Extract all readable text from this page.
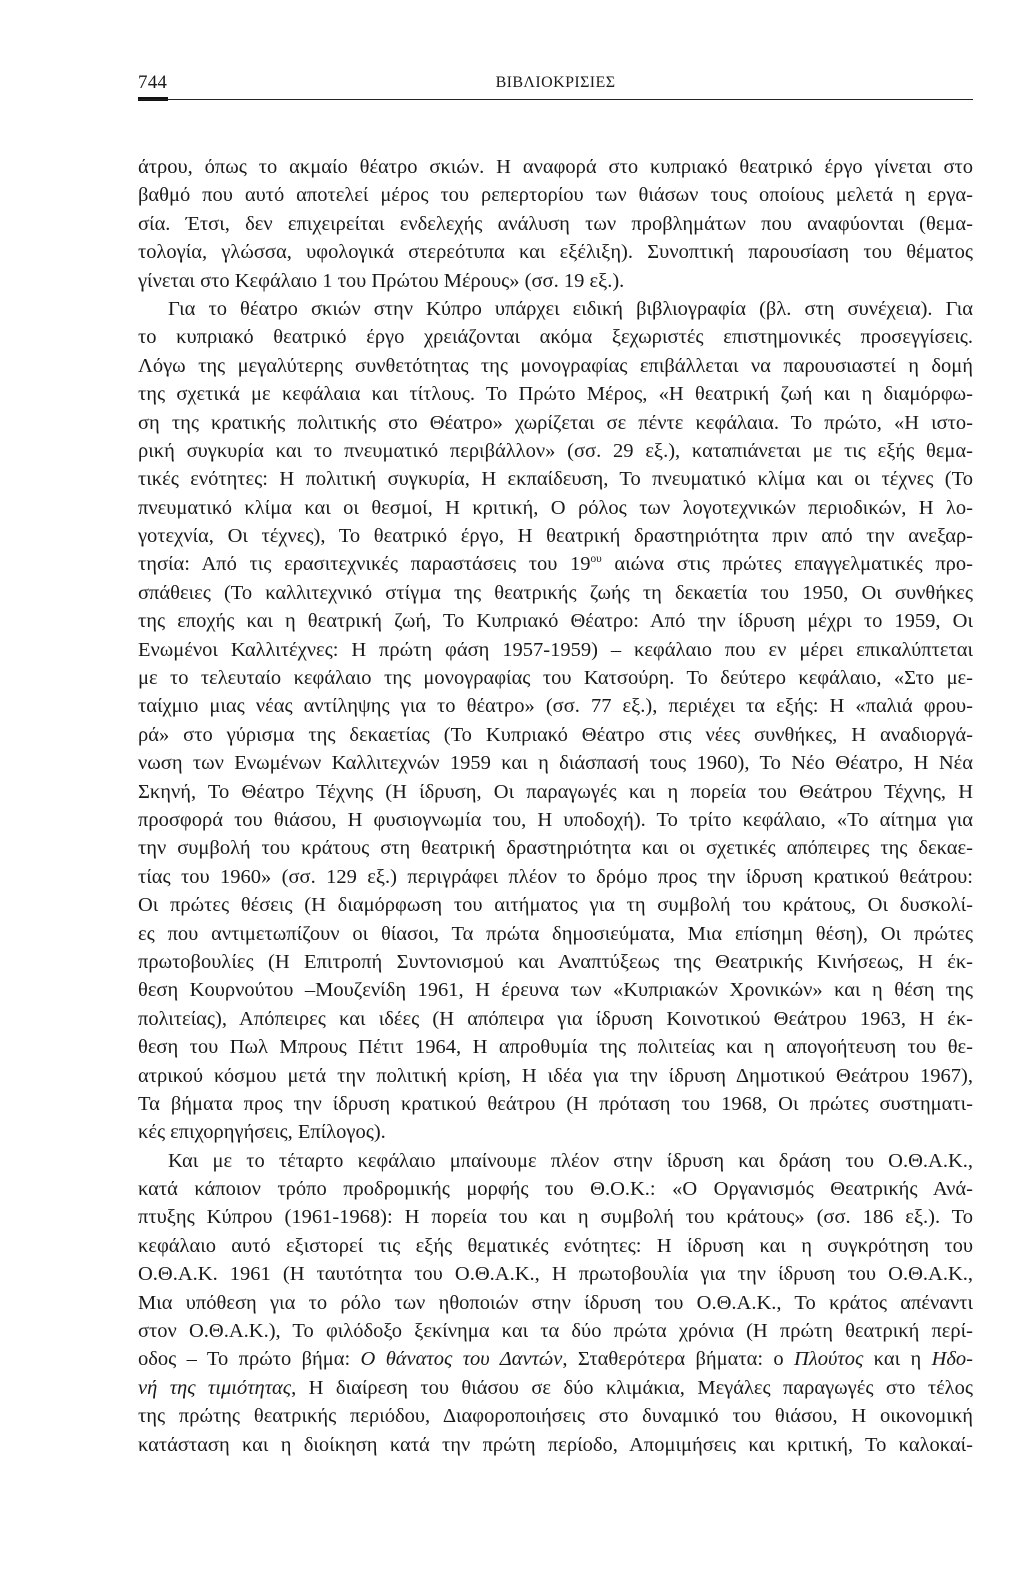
744	ΒΙΒΛΙΟΚΡΙΣΙΕΣ
άτρου, όπως το ακμαίο θέατρο σκιών. Η αναφορά στο κυπριακό θεατρικό έργο γίνεται στο
βαθμό που αυτό αποτελεί μέρος του ρεπερτορίου των θιάσων τους οποίους μελετά η εργα-
σία. Έτσι, δεν επιχειρείται ενδελεχής ανάλυση των προβλημάτων που αναφύονται (θεμα-
τολογία, γλώσσα, υφολογικά στερεότυπα και εξέλιξη). Συνοπτική παρουσίαση του θέματος
γίνεται στο Κεφάλαιο 1 του Πρώτου Μέρους» (σσ. 19 εξ.).
Για το θέατρο σκιών στην Κύπρο υπάρχει ειδική βιβλιογραφία (βλ. στη συνέχεια). Για
το κυπριακό θεατρικό έργο χρειάζονται ακόμα ξεχωριστές επιστημονικές προσεγγίσεις.
Λόγω της μεγαλύτερης συνθετότητας της μονογραφίας επιβάλλεται να παρουσιαστεί η δομή
της σχετικά με κεφάλαια και τίτλους. Το Πρώτο Μέρος, «Η θεατρική ζωή και η διαμόρφω-
ση της κρατικής πολιτικής στο Θέατρο» χωρίζεται σε πέντε κεφάλαια. Το πρώτο, «Η ιστο-
ρική συγκυρία και το πνευματικό περιβάλλον» (σσ. 29 εξ.), καταπιάνεται με τις εξής θεμα-
τικές ενότητες: Η πολιτική συγκυρία, Η εκπαίδευση, Το πνευματικό κλίμα και οι τέχνες (Το
πνευματικό κλίμα και οι θεσμοί, Η κριτική, Ο ρόλος των λογοτεχνικών περιοδικών, Η λο-
γοτεχνία, Οι τέχνες), Το θεατρικό έργο, Η θεατρική δραστηριότητα πριν από την ανεξαρ-
τησία: Από τις ερασιτεχνικές παραστάσεις του $19^{o\upsilon}$ αιώνα στις πρώτες επαγγελματικές προ-
σπάθειες (Το καλλιτεχνικό στίγμα της θεατρικής ζωής τη δεκαετία του 1950, Οι συνθήκες
της εποχής και η θεατρική ζωή, Το Κυπριακό Θέατρο: Από την ίδρυση μέχρι το 1959, Οι
Ενωμένοι Καλλιτέχνες: Η πρώτη φάση 1957-1959) – κεφάλαιο που εν μέρει επικαλύπτεται
με το τελευταίο κεφάλαιο της μονογραφίας του Κατσούρη. Το δεύτερο κεφάλαιο, «Στο με-
ταίχμιο μιας νέας αντίληψης για το θέατρο» (σσ. 77 εξ.), περιέχει τα εξής: Η «παλιά φρου-
ρά» στο γύρισμα της δεκαετίας (Το Κυπριακό Θέατρο στις νέες συνθήκες, Η αναδιοργά-
νωση των Ενωμένων Καλλιτεχνών 1959 και η διάσπασή τους 1960), Το Νέο Θέατρο, Η Νέα
Σκηνή, Το Θέατρο Τέχνης (Η ίδρυση, Οι παραγωγές και η πορεία του Θεάτρου Τέχνης, Η
προσφορά του θιάσου, Η φυσιογνωμία του, Η υποδοχή). Το τρίτο κεφάλαιο, «Το αίτημα για
την συμβολή του κράτους στη θεατρική δραστηριότητα και οι σχετικές απόπειρες της δεκαε-
τίας του 1960» (σσ. 129 εξ.) περιγράφει πλέον το δρόμο προς την ίδρυση κρατικού θεάτρου:
Οι πρώτες θέσεις (Η διαμόρφωση του αιτήματος για τη συμβολή του κράτους, Οι δυσκολί-
ες που αντιμετωπίζουν οι θίασοι, Τα πρώτα δημοσιεύματα, Μια επίσημη θέση), Οι πρώτες
πρωτοβουλίες (Η Επιτροπή Συντονισμού και Αναπτύξεως της Θεατρικής Κινήσεως, Η έκ-
θεση Κουρνούτου –Μουζενίδη 1961, Η έρευνα των «Κυπριακών Χρονικών» και η θέση της
πολιτείας), Απόπειρες και ιδέες (Η απόπειρα για ίδρυση Κοινοτικού Θεάτρου 1963, Η έκ-
θεση του Πωλ Μπρους Πέτιτ 1964, Η απροθυμία της πολιτείας και η απογοήτευση του θε-
ατρικού κόσμου μετά την πολιτική κρίση, Η ιδέα για την ίδρυση Δημοτικού Θεάτρου 1967),
Τα βήματα προς την ίδρυση κρατικού θεάτρου (Η πρόταση του 1968, Οι πρώτες συστηματι-
κές επιχορηγήσεις, Επίλογος).
Και με το τέταρτο κεφάλαιο μπαίνουμε πλέον στην ίδρυση και δράση του Ο.Θ.Α.Κ.,
κατά κάποιον τρόπο προδρομικής μορφής του Θ.Ο.Κ.: «Ο Οργανισμός Θεατρικής Ανά-
πτυξης Κύπρου (1961-1968): Η πορεία του και η συμβολή του κράτους» (σσ. 186 εξ.). Το
κεφάλαιο αυτό εξιστορεί τις εξής θεματικές ενότητες: Η ίδρυση και η συγκρότηση του
Ο.Θ.Α.Κ. 1961 (Η ταυτότητα του Ο.Θ.Α.Κ., Η πρωτοβουλία για την ίδρυση του Ο.Θ.Α.Κ.,
Μια υπόθεση για το ρόλο των ηθοποιών στην ίδρυση του Ο.Θ.Α.Κ., Το κράτος απέναντι
στον Ο.Θ.Α.Κ.), Το φιλόδοξο ξεκίνημα και τα δύο πρώτα χρόνια (Η πρώτη θεατρική περί-
οδος – Το πρώτο βήμα: Ο θάνατος του Δαντών, Σταθερότερα βήματα: ο Πλούτος και η Ηδο-
νή της τιμιότητας, Η διαίρεση του θιάσου σε δύο κλιμάκια, Μεγάλες παραγωγές στο τέλος
της πρώτης θεατρικής περιόδου, Διαφοροποιήσεις στο δυναμικό του θιάσου, Η οικονομική
κατάσταση και η διοίκηση κατά την πρώτη περίοδο, Απομιμήσεις και κριτική, Το καλοκαί-
